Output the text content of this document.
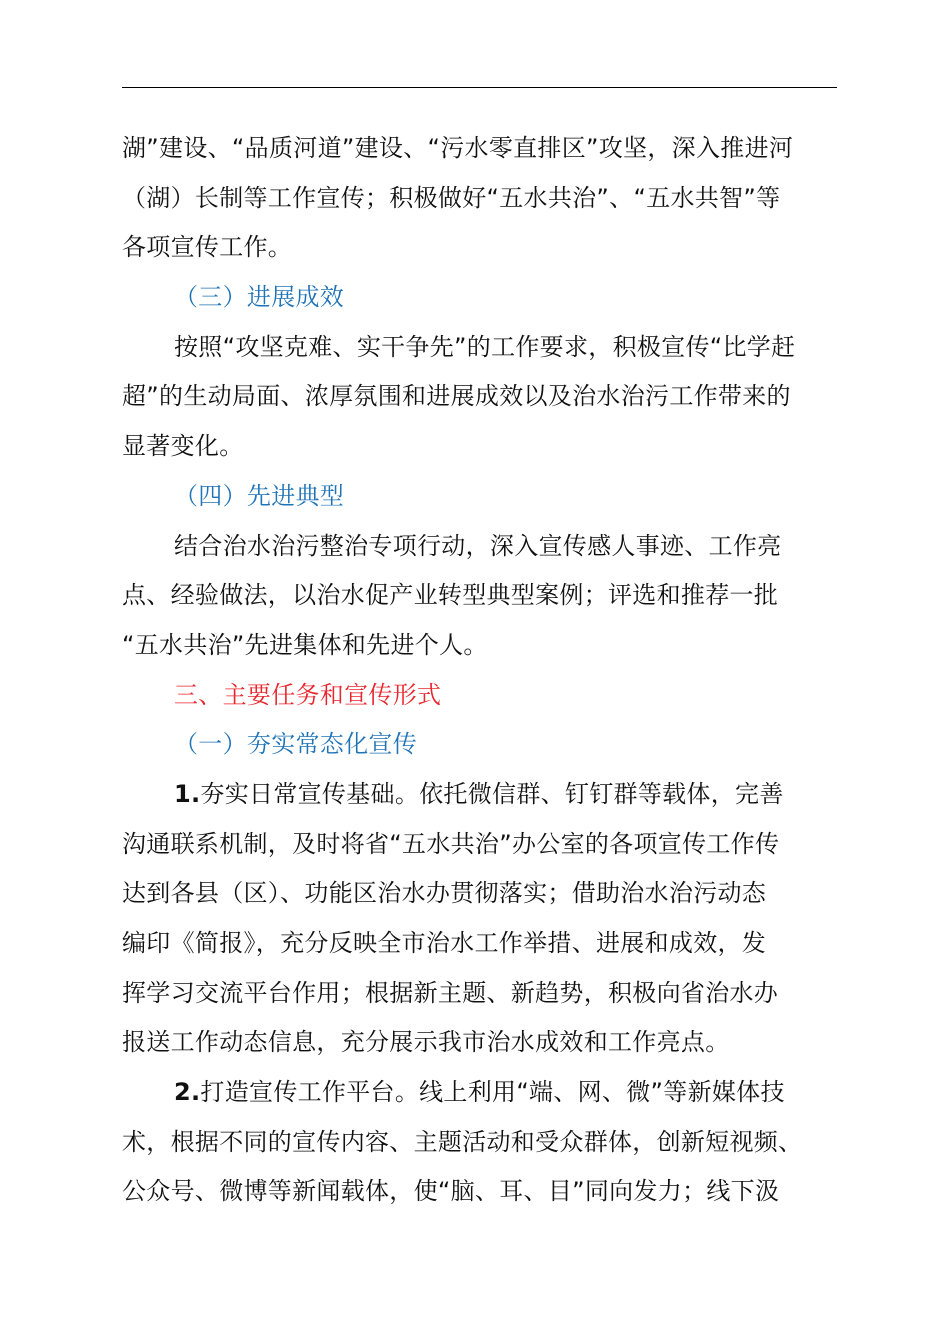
湖”建设、“品质河道”建设、“污水零直排区”攻坚，深入推进河
（湖）长制等工作宣传；积极做好“五水共治”、“五水共智”等
各项宣传工作。
（三）进展成效
按照“攻坚克难、实干争先”的工作要求，积极宣传“比学赶
超”的生动局面、浓厚氛围和进展成效以及治水治污工作带来的
显著变化。
（四）先进典型
结合治水治污整治专项行动，深入宣传感人事迹、工作亮
点、经验做法，以治水促产业转型典型案例；评选和推荐一批
“五水共治”先进集体和先进个人。
三、主要任务和宣传形式
（一）夯实常态化宣传
1.夯实日常宣传基础。依托微信群、钉钉群等载体，完善
沟通联系机制，及时将省“五水共治”办公室的各项宣传工作传
达到各县（区）、功能区治水办贯彻落实；借助治水治污动态
编印《简报》，充分反映全市治水工作举措、进展和成效，发
挥学习交流平台作用；根据新主题、新趋势，积极向省治水办
报送工作动态信息，充分展示我市治水成效和工作亮点。
2.打造宣传工作平台。线上利用“端、网、微”等新媒体技
术，根据不同的宣传内容、主题活动和受众群体，创新短视频、
公众号、微博等新闻载体，使“脑、耳、目”同向发力；线下汲
